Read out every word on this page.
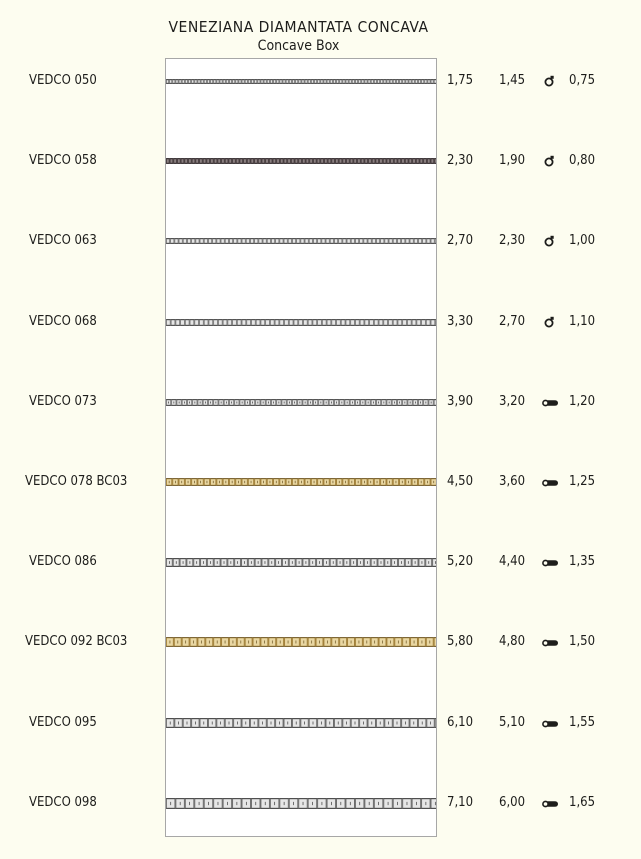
VENEZIANA DIAMANTATA CONCAVA
Concave Box
VEDCO 050	1,75 1,45	0,75
VEDCO 058	2,30 1,90	0,80
VEDCO 063	2,70 2,30	1,00
VEDCO 068	3,30 2,70	1,10
VEDCO 073	3,90 3,20	1,20
VEDCO 078 BC03	4,50 3,60	1,25
VEDCO 086	5,20 4,40	1,35
VEDCO 092 BC03	5,80 4,80	1,50
VEDCO 095	6,10 5,10	1,55
VEDCO 098	7,10 6,00	1,65
